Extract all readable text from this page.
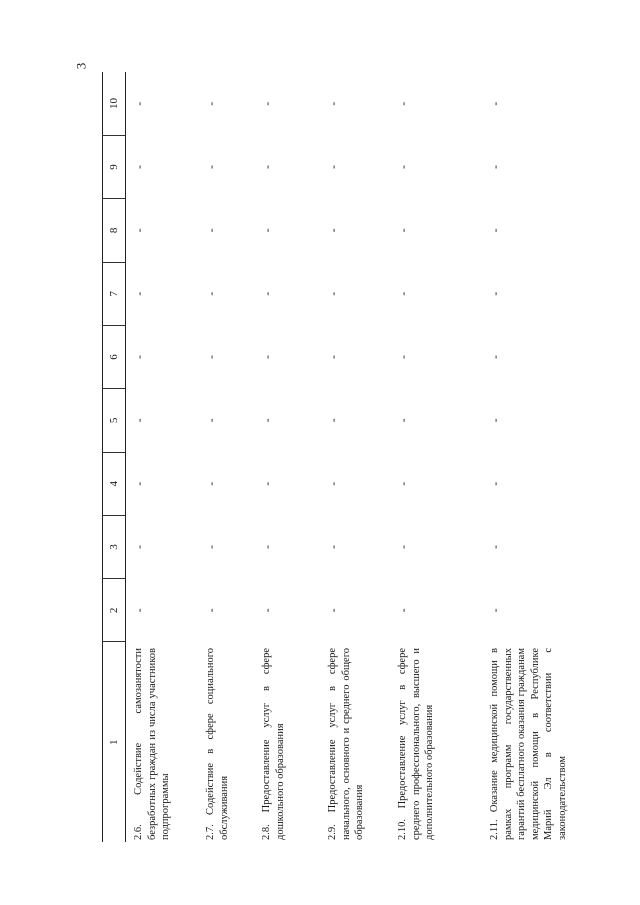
3
1	2	3	4	5	6	7	8	9	10
2.6. Содействие самозанятости безработных граждан из числа участников подпрограммы	-	-	-	-	-	-	-	-	-
2.7. Содействие в сфере социального обслуживания	-	-	-	-	-	-	-	-	-
2.8. Предоставление услуг в сфере дошкольного образования	-	-	-	-	-	-	-	-	-
2.9. Предоставление услуг в сфере начального, основного и среднего общего образования	-	-	-	-	-	-	-	-	-
2.10. Предоставление услуг в сфере среднего профессионального, высшего и дополнительного образования	-	-	-	-	-	-	-	-	-
2.11. Оказание медицинской помощи в рамках программ государственных гарантий бесплатного оказания гражданам медицинской помощи в Республике Марий Эл в соответствии с законодательством	-	-	-	-	-	-	-	-	-
